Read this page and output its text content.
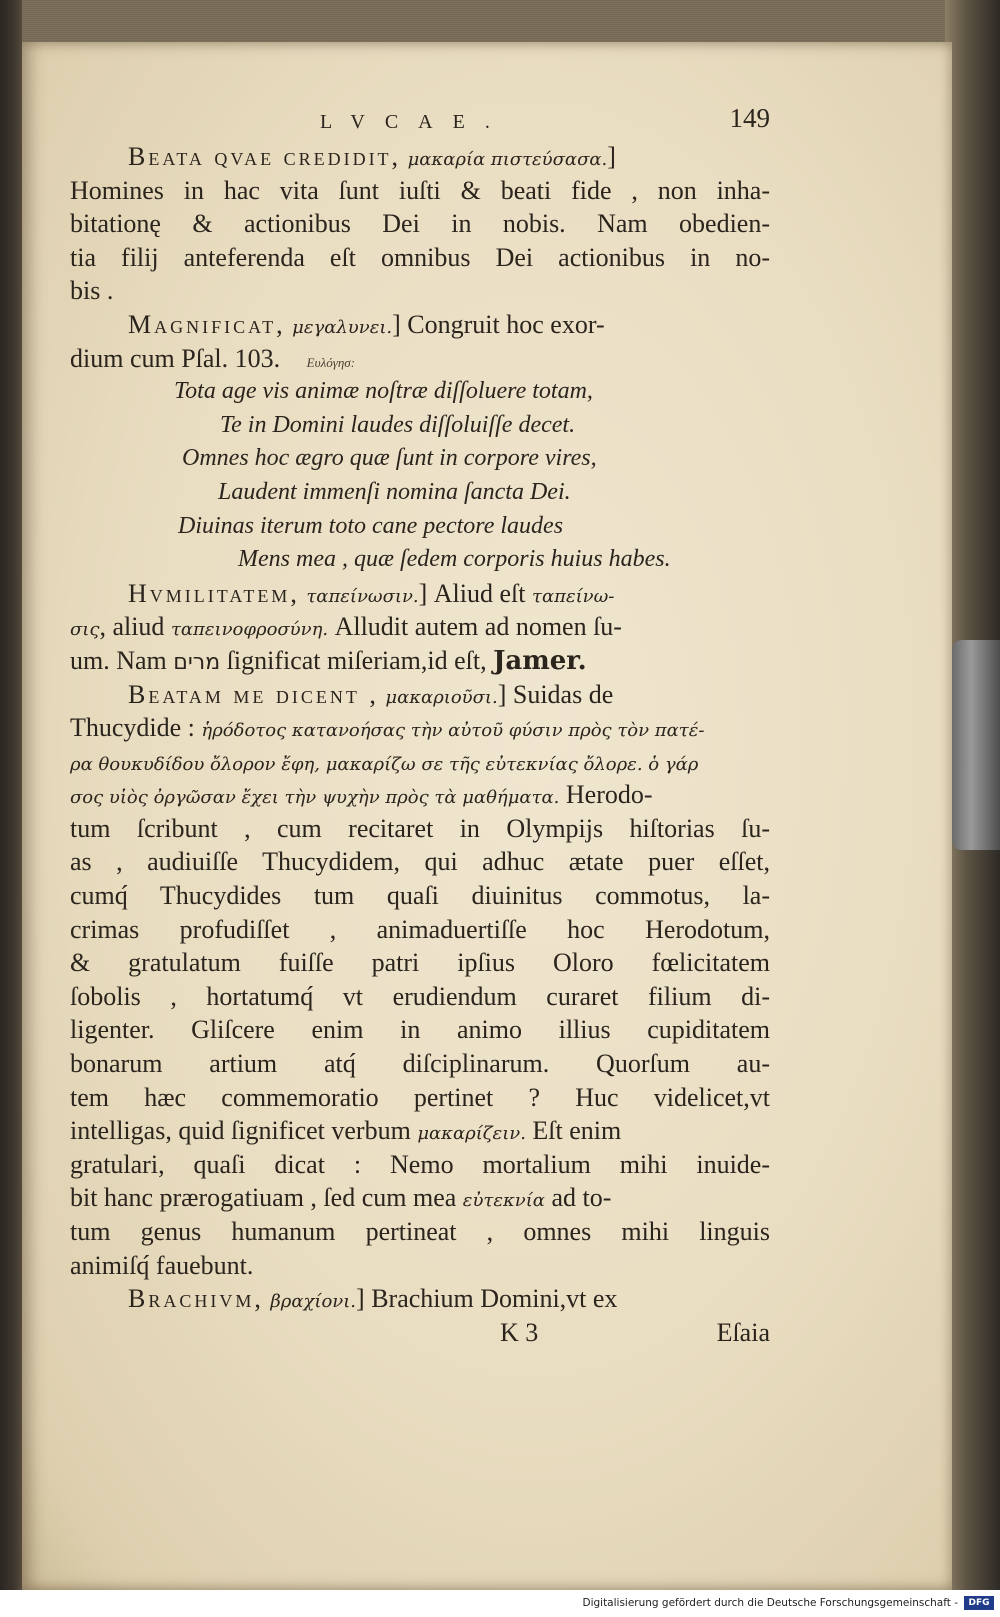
LVCAE.	149
Beata qvae credidit, μακαρία πιστεύσασα.]
Homines in hac vita ſunt iuſti & beati fide , non inha-
bitationę & actionibus Dei in nobis. Nam obedien-
tia filij anteferenda eſt omnibus Dei actionibus in no-
bis .
Magnificat, μεγαλυνει.] Congruit hoc exor-
dium cum Pſal. 103. Ευλόγησ:
Tota age vis animæ noſtræ diſſoluere totam,
Te in Domini laudes diſſoluiſſe decet.
Omnes hoc ægro quæ ſunt in corpore vires,
Laudent immenſi nomina ſancta Dei.
Diuinas iterum toto cane pectore laudes
Mens mea , quæ ſedem corporis huius habes.
Hvmilitatem, ταπείνωσιν.] Aliud eſt ταπείνω-
σις, aliud ταπεινοφροσύνη. Alludit autem ad nomen ſu-
um. Nam מרים ſignificat miſeriam,id eſt, Jamer.
Beatam me dicent , μακαριοῦσι.] Suidas de
Thucydide : ἡρόδοτος κατανοήσας τὴν αὐτοῦ φύσιν πρὸς τὸν πατέ-
ρα θουκυδίδου ὄλορον ἔφη, μακαρίζω σε τῆς εὐτεκνίας ὄλορε. ὁ γάρ
σος υἱὸς ὀργῶσαν ἔχει τὴν ψυχὴν πρὸς τὰ μαθήματα. Herodo-
tum ſcribunt , cum recitaret in Olympijs hiſtorias ſu-
as , audiuiſſe Thucydidem, qui adhuc ætate puer eſſet,
cumq́ Thucydides tum quaſi diuinitus commotus, la-
crimas profudiſſet , animaduertiſſe hoc Herodotum,
& gratulatum fuiſſe patri ipſius Oloro fœlicitatem
ſobolis , hortatumq́ vt erudiendum curaret filium di-
ligenter. Gliſcere enim in animo illius cupiditatem
bonarum artium atq́ diſciplinarum. Quorſum au-
tem hæc commemoratio pertinet ? Huc videlicet,vt
intelligas, quid ſignificet verbum μακαρίζειν. Eſt enim
gratulari, quaſi dicat : Nemo mortalium mihi inuide-
bit hanc prærogatiuam , ſed cum mea εὐτεκνία ad to-
tum genus humanum pertineat , omnes mihi linguis
animiſq́ fauebunt.
Brachivm, βραχίονι.] Brachium Domini,vt ex
K 3	Eſaia
Digitalisierung gefördert durch die Deutsche Forschungsgemeinschaft -	DFG
